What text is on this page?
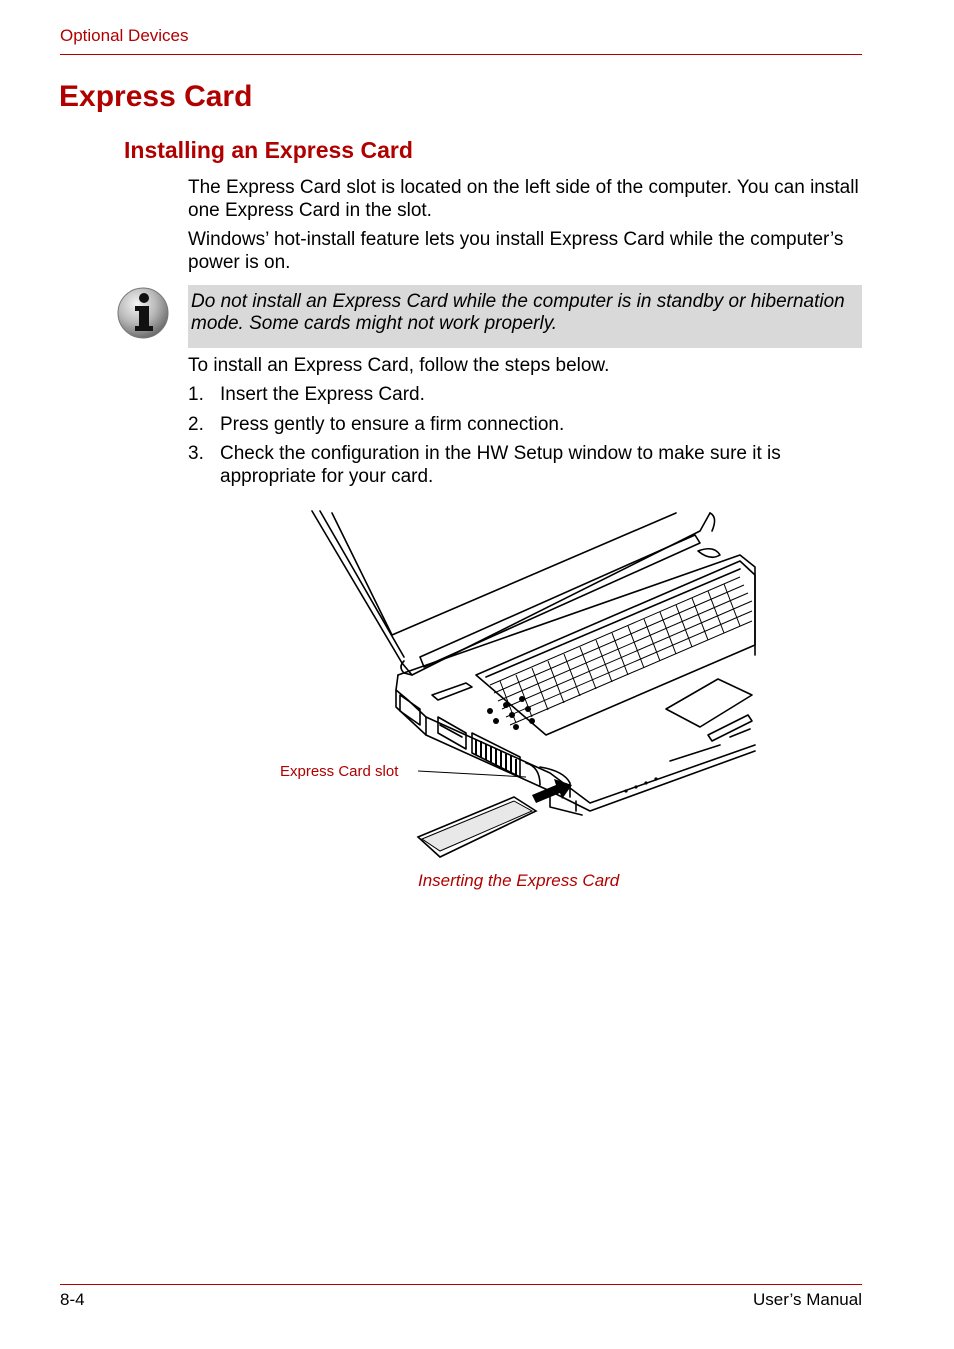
Optional Devices
Express Card
Installing an Express Card

The Express Card slot is located on the left side of the computer. You can install one Express Card in the slot.

Windows’ hot-install feature lets you install Express Card while the computer’s power is on.

Do not install an Express Card while the computer is in standby or hibernation mode. Some cards might not work properly.

To install an Express Card, follow the steps below.

1. Insert the Express Card.
2. Press gently to ensure a firm connection.
3. Check the configuration in the HW Setup window to make sure it is appropriate for your card.
Express Card slot
Inserting the Express Card
8-4	User’s Manual
